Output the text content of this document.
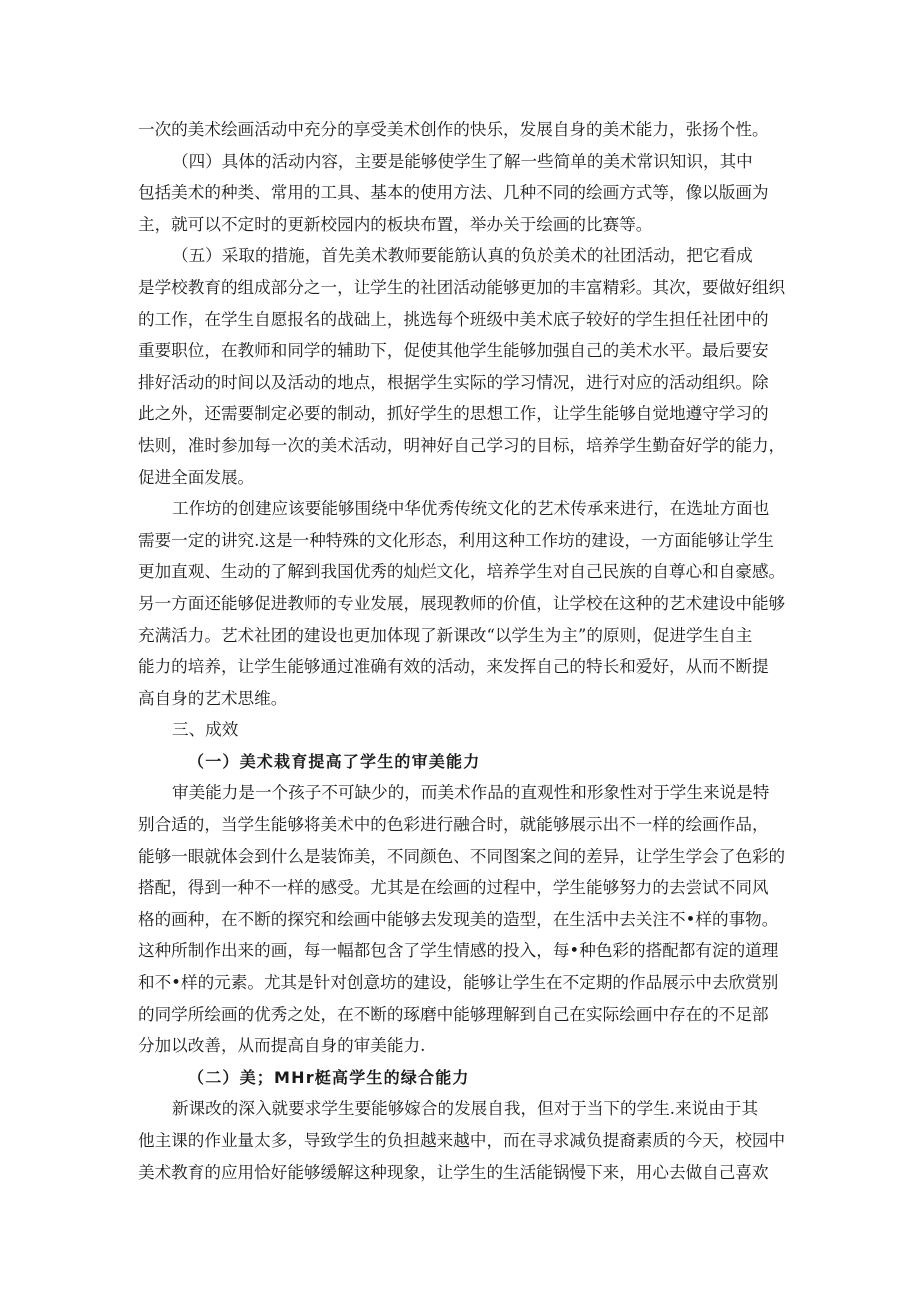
一次的美术绘画活动中充分的享受美术创作的快乐，发展自身的美术能力，张扬个性。
（四）具体的活动内容，主要是能够使学生了解一些简单的美术常识知识，其中
包括美术的种类、常用的工具、基本的使用方法、几种不同的绘画方式等，像以版画为
主，就可以不定时的更新校园内的板块布置，举办关于绘画的比赛等。
（五）采取的措施，首先美术教师要能筋认真的负於美术的社团活动，把它看成
是学校教育的组成部分之一，让学生的社团活动能够更加的丰富精彩。其次，要做好组织
的工作，在学生自愿报名的战础上，挑选每个班级中美术底子较好的学生担任社团中的
重要职位，在教师和同学的辅助下，促使其他学生能够加强自己的美术水平。最后要安
排好活动的时间以及活动的地点，根据学生实际的学习情况，进行对应的活动组织。除
此之外，还需要制定必要的制动，抓好学生的思想工作，让学生能够自觉地遵守学习的
怯则，准时参加每一次的美术活动，明神好自己学习的目标，培养学生勤奋好学的能力，
促进全面发展。
工作坊的创建应该要能够围绕中华优秀传统文化的艺术传承来进行，在选址方面也
需要一定的讲究.这是一种特殊的文化形态，利用这种工作坊的建设，一方面能够让学生
更加直观、生动的了解到我国优秀的灿烂文化，培养学生对自己民族的自尊心和自豪感。
另一方面还能够促进教师的专业发展，展现教师的价值，让学校在这种的艺术建设中能够
充满活力。艺术社团的建设也更加体现了新课改“以学生为主”的原则，促进学生自主
能力的培养，让学生能够通过准确有效的活动，来发挥自己的特长和爱好，从而不断提
高自身的艺术思维。
三、成效
（一）美术栽育提高了学生的审美能力
审美能力是一个孩子不可缺少的，而美术作品的直观性和形象性对于学生来说是特
别合适的，当学生能够将美术中的色彩进行融合时，就能够展示出不一样的绘画作品，
能够一眼就体会到什么是装饰美，不同颜色、不同图案之间的差异，让学生学会了色彩的
搭配，得到一种不一样的感受。尤其是在绘画的过程中，学生能够努力的去尝试不同风
格的画种，在不断的探究和绘画中能够去发现美的造型，在生活中去关注不•样的事物。
这种所制作出来的画，每一幅都包含了学生情感的投入，每•种色彩的搭配都有淀的道理
和不•样的元素。尤其是针对创意坊的建设，能够让学生在不定期的作品展示中去欣赏别
的同学所绘画的优秀之处，在不断的琢磨中能够理解到自己在实际绘画中存在的不足部
分加以改善，从而提高自身的审美能力.
（二）美；MHr梃高学生的绿合能力
新课改的深入就要求学生要能够嫁合的发展自我，但对于当下的学生.来说由于其
他主课的作业量太多，导致学生的负担越来越中，而在寻求减负提裔素质的今天，校园中
美术教育的应用恰好能够缓解这种现象，让学生的生活能锅慢下来，用心去做自己喜欢
